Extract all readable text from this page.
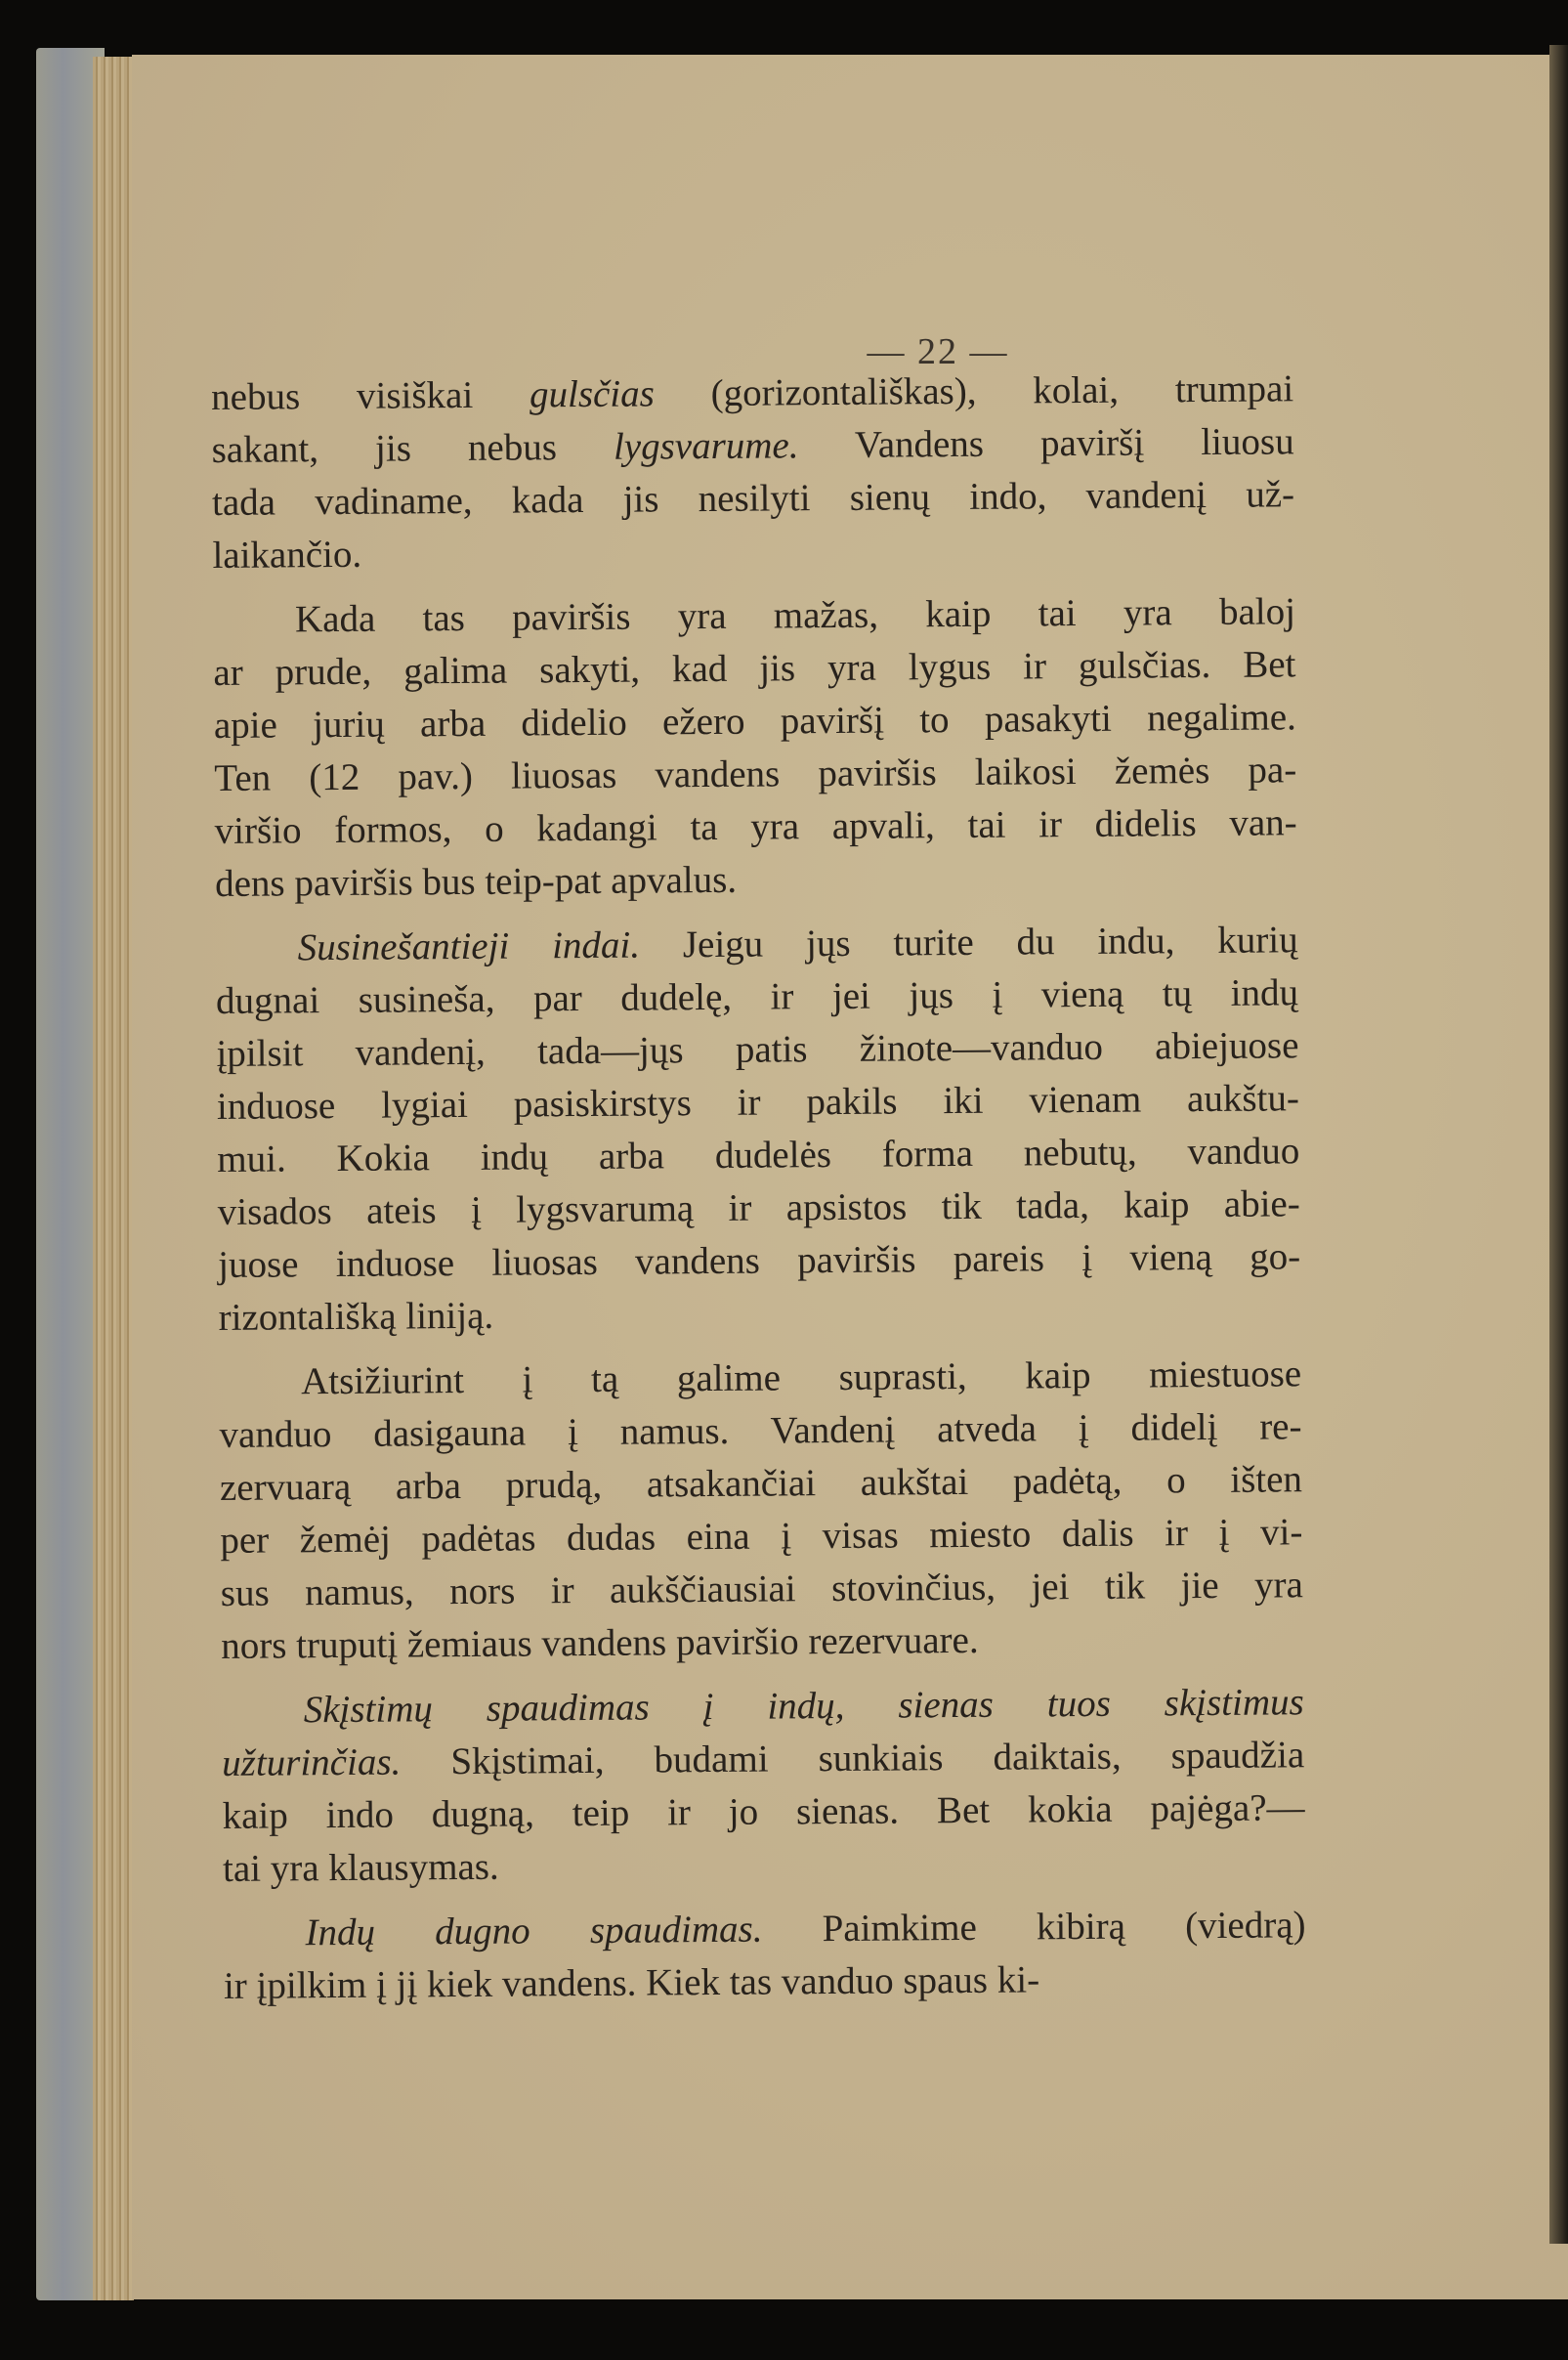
— 22 —
nebus visiškai gulsčias (gorizontališkas), kolai, trumpai
sakant, jis nebus lygsvarume. Vandens paviršį liuosu
tada vadiname, kada jis nesilyti sienų indo, vandenį už-
laikančio.
Kada tas paviršis yra mažas, kaip tai yra baloj
ar prude, galima sakyti, kad jis yra lygus ir gulsčias. Bet
apie jurių arba didelio ežero paviršį to pasakyti negalime.
Ten (12 pav.) liuosas vandens paviršis laikosi žemės pa-
viršio formos, o kadangi ta yra apvali, tai ir didelis van-
dens paviršis bus teip-pat apvalus.
Susinešantieji indai. Jeigu jųs turite du indu, kurių
dugnai susineša, par dudelę, ir jei jųs į vieną tų indų
įpilsit vandenį, tada—jųs patis žinote—vanduo abiejuose
induose lygiai pasiskirstys ir pakils iki vienam aukštu-
mui. Kokia indų arba dudelės forma nebutų, vanduo
visados ateis į lygsvarumą ir apsistos tik tada, kaip abie-
juose induose liuosas vandens paviršis pareis į vieną go-
rizontališką liniją.
Atsižiurint į tą galime suprasti, kaip miestuose
vanduo dasigauna į namus. Vandenį atveda į didelį re-
zervuarą arba prudą, atsakančiai aukštai padėtą, o išten
per žemėj padėtas dudas eina į visas miesto dalis ir į vi-
sus namus, nors ir aukščiausiai stovinčius, jei tik jie yra
nors truputį žemiaus vandens paviršio rezervuare.
Skįstimų spaudimas į indų, sienas tuos skįstimus
užturinčias. Skįstimai, budami sunkiais daiktais, spaudžia
kaip indo dugną, teip ir jo sienas. Bet kokia pajėga?—
tai yra klausymas.
Indų dugno spaudimas. Paimkime kibirą (viedrą)
ir įpilkim į jį kiek vandens. Kiek tas vanduo spaus ki-
